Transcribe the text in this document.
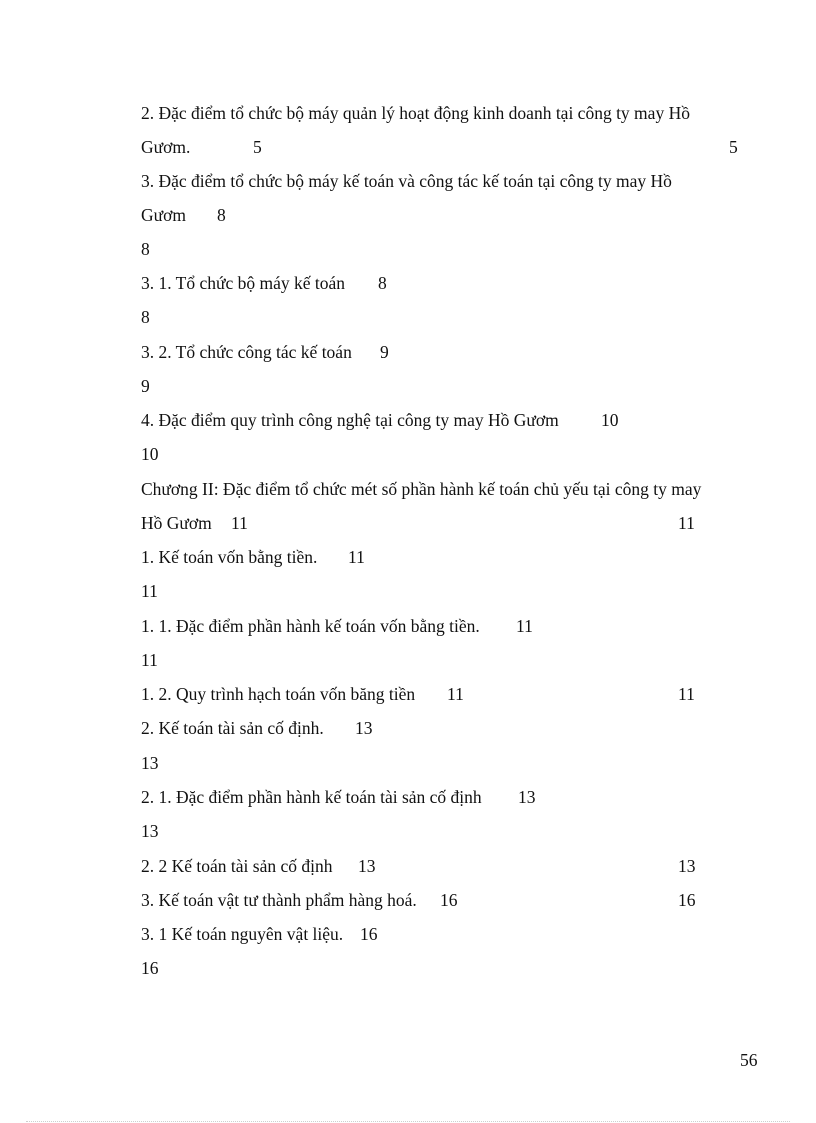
2. Đặc điểm tổ chức bộ máy quản lý hoạt động kinh doanh tại công ty may Hồ
Gươm.	5	5
3. Đặc điểm tổ chức bộ máy kế toán và công tác kế toán tại công ty may Hồ
Gươm 8
8
3. 1. Tổ chức bộ máy kế toán 8
8
3. 2. Tổ chức công tác kế toán 9
9
4. Đặc điểm quy trình công nghệ tại công ty may Hồ Gươm 10
10
Chương II: Đặc điểm tổ chức mét số phần hành kế toán chủ yếu tại công ty may
Hồ Gươm 11	11
1. Kế toán vốn bằng tiền. 11
11
1. 1. Đặc điểm phần hành kế toán vốn bằng tiền. 11
11
1. 2. Quy trình hạch toán vốn băng tiền 11	11
2. Kế toán tài sản cố định. 13
13
2. 1. Đặc điểm phần hành kế toán tài sản cố định 13
13
2. 2 Kế toán tài sản cố định 13	13
3. Kế toán vật tư thành phẩm hàng hoá. 16	16
3. 1 Kế toán nguyên vật liệu. 16
16
56
